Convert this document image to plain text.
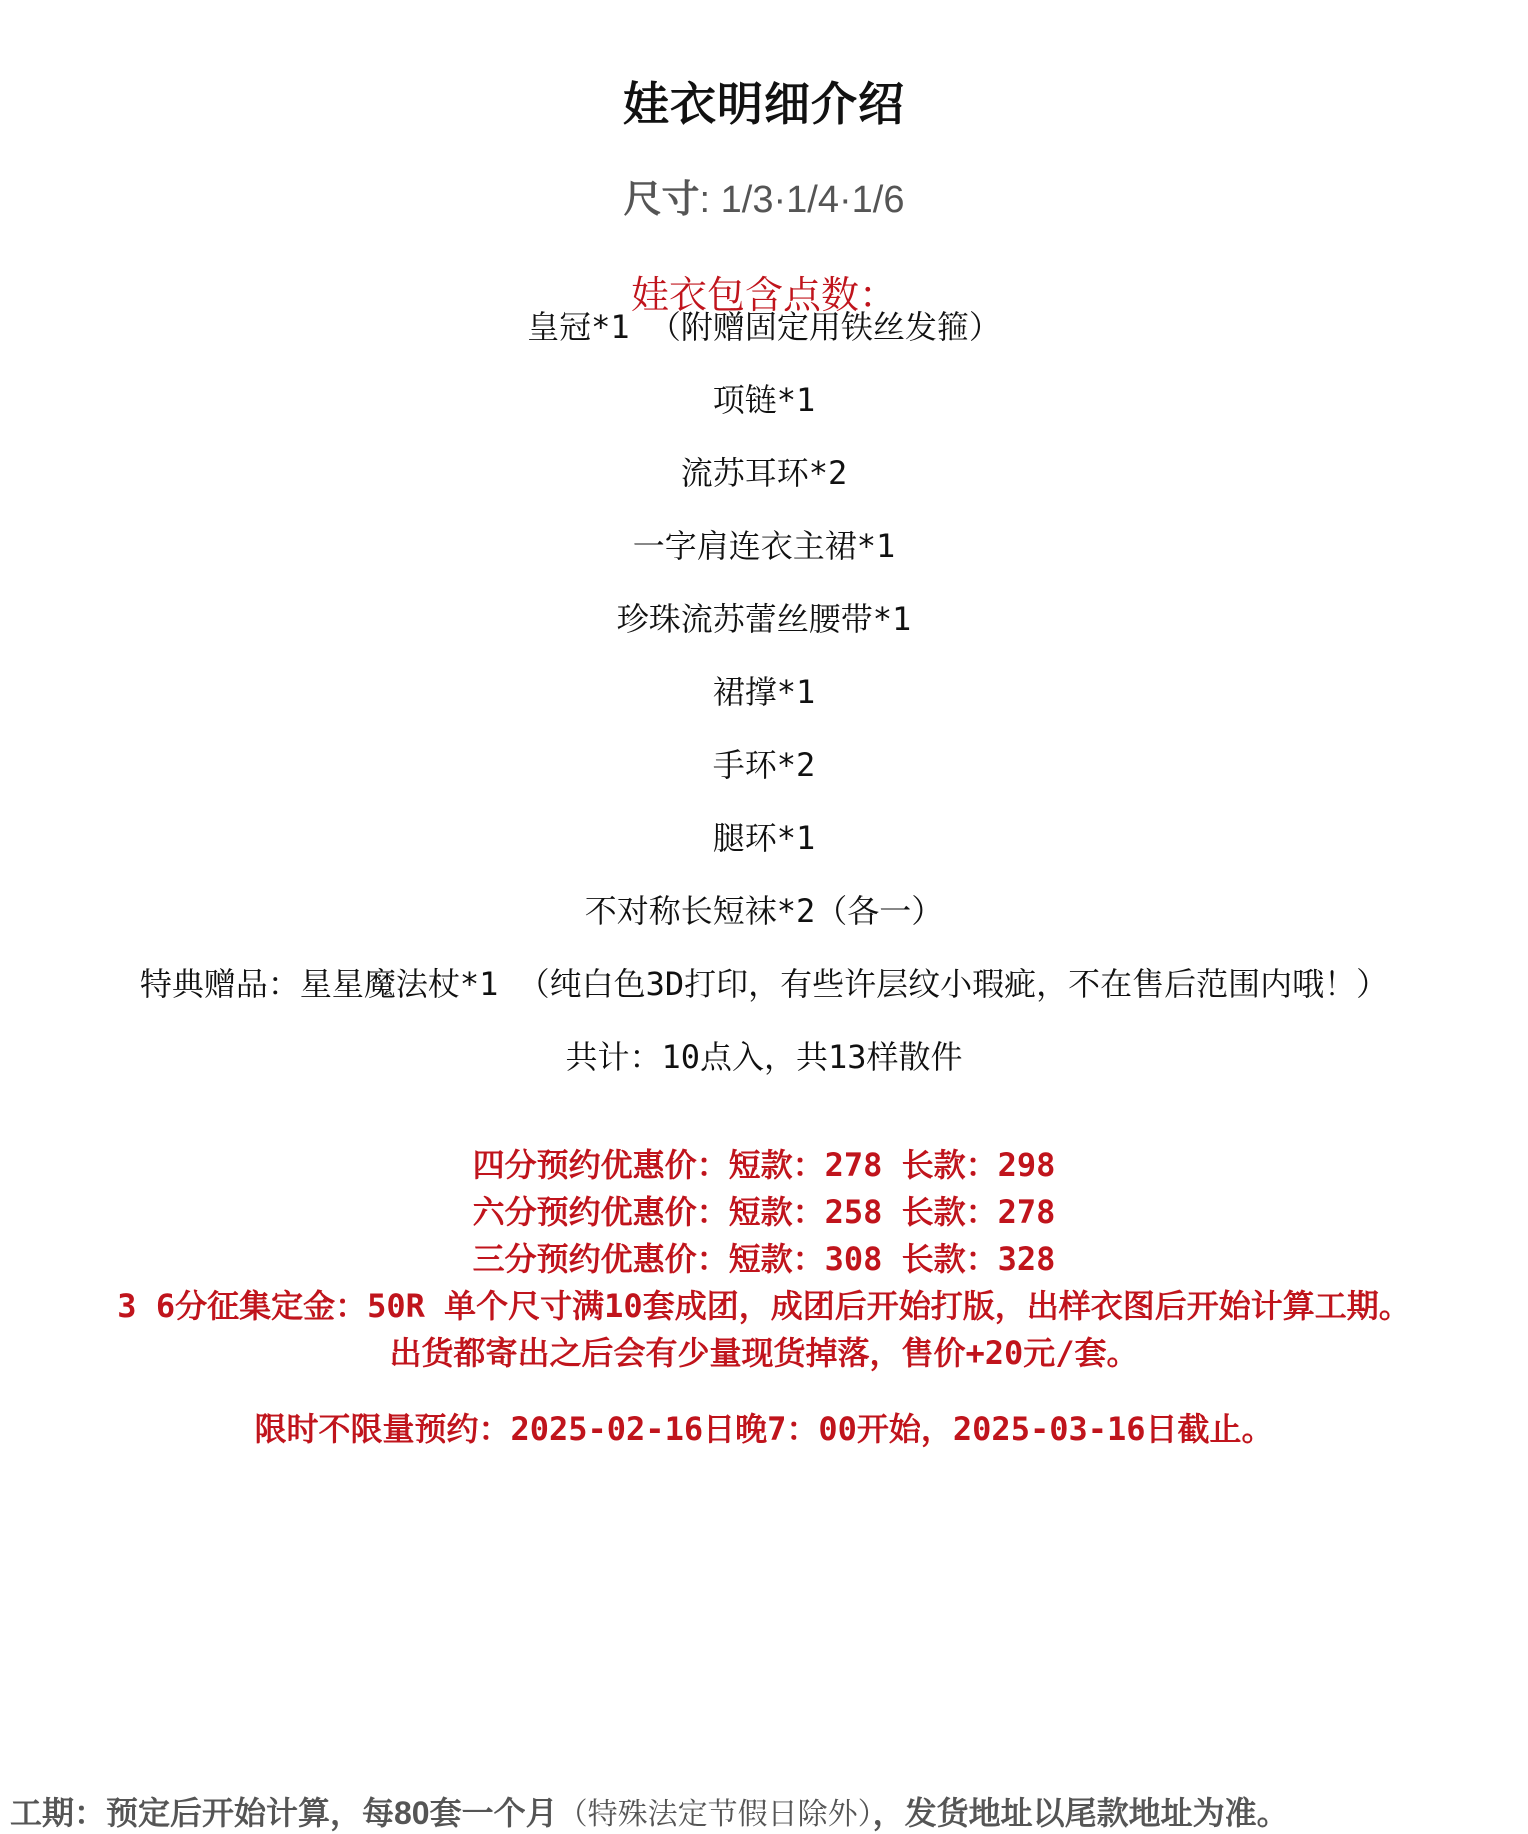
娃衣明细介绍
尺寸: 1/3·1/4·1/6
娃衣包含点数：
皇冠*1 （附赠固定用铁丝发箍）
项链*1
流苏耳环*2
一字肩连衣主裙*1
珍珠流苏蕾丝腰带*1
裙撑*1
手环*2
腿环*1
不对称长短袜*2（各一）
特典赠品：星星魔法杖*1 （纯白色3D打印，有些许层纹小瑕疵，不在售后范围内哦！）
共计：10点入，共13样散件
四分预约优惠价：短款：278 长款：298
六分预约优惠价：短款：258 长款：278
三分预约优惠价：短款：308 长款：328
3 6分征集定金：50R 单个尺寸满10套成团，成团后开始打版，出样衣图后开始计算工期。
出货都寄出之后会有少量现货掉落，售价+20元/套。
限时不限量预约：2025-02-16日晚7：00开始，2025-03-16日截止。
工期：预定后开始计算，每80套一个月（特殊法定节假日除外），发货地址以尾款地址为准。
